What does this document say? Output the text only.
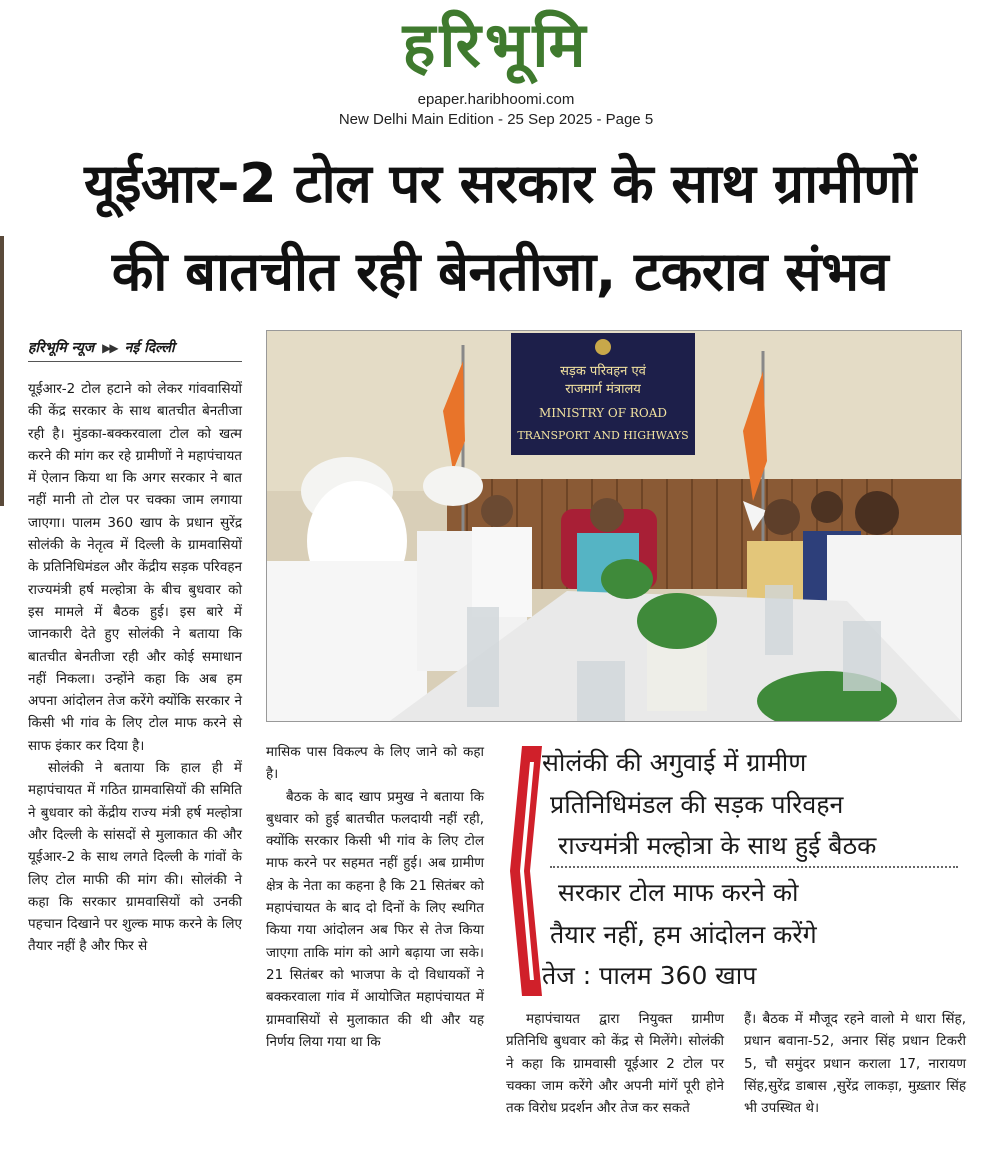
हरिभूमि
epaper.haribhoomi.com
New Delhi Main Edition - 25 Sep 2025 - Page 5
यूईआर-2 टोल पर सरकार के साथ ग्रामीणों
की बातचीत रही बेनतीजा, टकराव संभव
हरिभूमि न्यूज ▶▶ नई दिल्ली

यूईआर-2 टोल हटाने को लेकर गांववासियों की केंद्र सरकार के साथ बातचीत बेनतीजा रही है। मुंडका-बक्करवाला टोल को खत्म करने की मांग कर रहे ग्रामीणों ने महापंचायत में ऐलान किया था कि अगर सरकार ने बात नहीं मानी तो टोल पर चक्का जाम लगाया जाएगा। पालम 360 खाप के प्रधान सुरेंद्र सोलंकी के नेतृत्व में दिल्ली के ग्रामवासियों के प्रतिनिधिमंडल और केंद्रीय सड़क परिवहन राज्यमंत्री हर्ष मल्होत्रा के बीच बुधवार को इस मामले में बैठक हुई। इस बारे में जानकारी देते हुए सोलंकी ने बताया कि बातचीत बेनतीजा रही और कोई समाधान नहीं निकला। उन्होंने कहा कि अब हम अपना आंदोलन तेज करेंगे क्योंकि सरकार ने किसी भी गांव के लिए टोल माफ करने से साफ इंकार कर दिया है।

सोलंकी ने बताया कि हाल ही में महापंचायत में गठित ग्रामवासियों की समिति ने बुधवार को केंद्रीय राज्य मंत्री हर्ष मल्होत्रा और दिल्ली के सांसदों से मुलाकात की और यूईआर-2 के साथ लगते दिल्ली के गांवों के लिए टोल माफी की मांग की। सोलंकी ने कहा कि सरकार ग्रामवासियों को उनकी पहचान दिखाने पर शुल्क माफ करने के लिए तैयार नहीं है और फिर से

सड़क परिवहन एवं
राजमार्ग मंत्रालय
MINISTRY OF ROAD
TRANSPORT AND HIGHWAYS

मासिक पास विकल्प के लिए जाने को कहा है।

बैठक के बाद खाप प्रमुख ने बताया कि बुधवार को हुई बातचीत फलदायी नहीं रही, क्योंकि सरकार किसी भी गांव के लिए टोल माफ करने पर सहमत नहीं हुई। अब ग्रामीण क्षेत्र के नेता का कहना है कि 21 सितंबर को महापंचायत के बाद दो दिनों के लिए स्थगित किया गया आंदोलन अब फिर से तेज किया जाएगा ताकि मांग को आगे बढ़ाया जा सके। 21 सितंबर को भाजपा के दो विधायकों ने बक्करवाला गांव में आयोजित महापंचायत में ग्रामवासियों से मुलाकात की थी और यह निर्णय लिया गया था कि

सोलंकी की अगुवाई में ग्रामीण
प्रतिनिधिमंडल की सड़क परिवहन
राज्यमंत्री मल्होत्रा के साथ हुई बैठक
सरकार टोल माफ करने को
तैयार नहीं, हम आंदोलन करेंगे
तेज : पालम 360 खाप

महापंचायत द्वारा नियुक्त ग्रामीण प्रतिनिधि बुधवार को केंद्र से मिलेंगे। सोलंकी ने कहा कि ग्रामवासी यूईआर 2 टोल पर चक्का जाम करेंगे और अपनी मांगें पूरी होने तक विरोध प्रदर्शन और तेज कर सकते

हैं। बैठक में मौजूद रहने वालो मे धारा सिंह, प्रधान बवाना-52, अनार सिंह प्रधान टिकरी 5, चौ समुंदर प्रधान कराला 17, नारायण सिंह,सुरेंद्र डाबास ,सुरेंद्र लाकड़ा, मुख़्तार सिंह भी उपस्थित थे।
